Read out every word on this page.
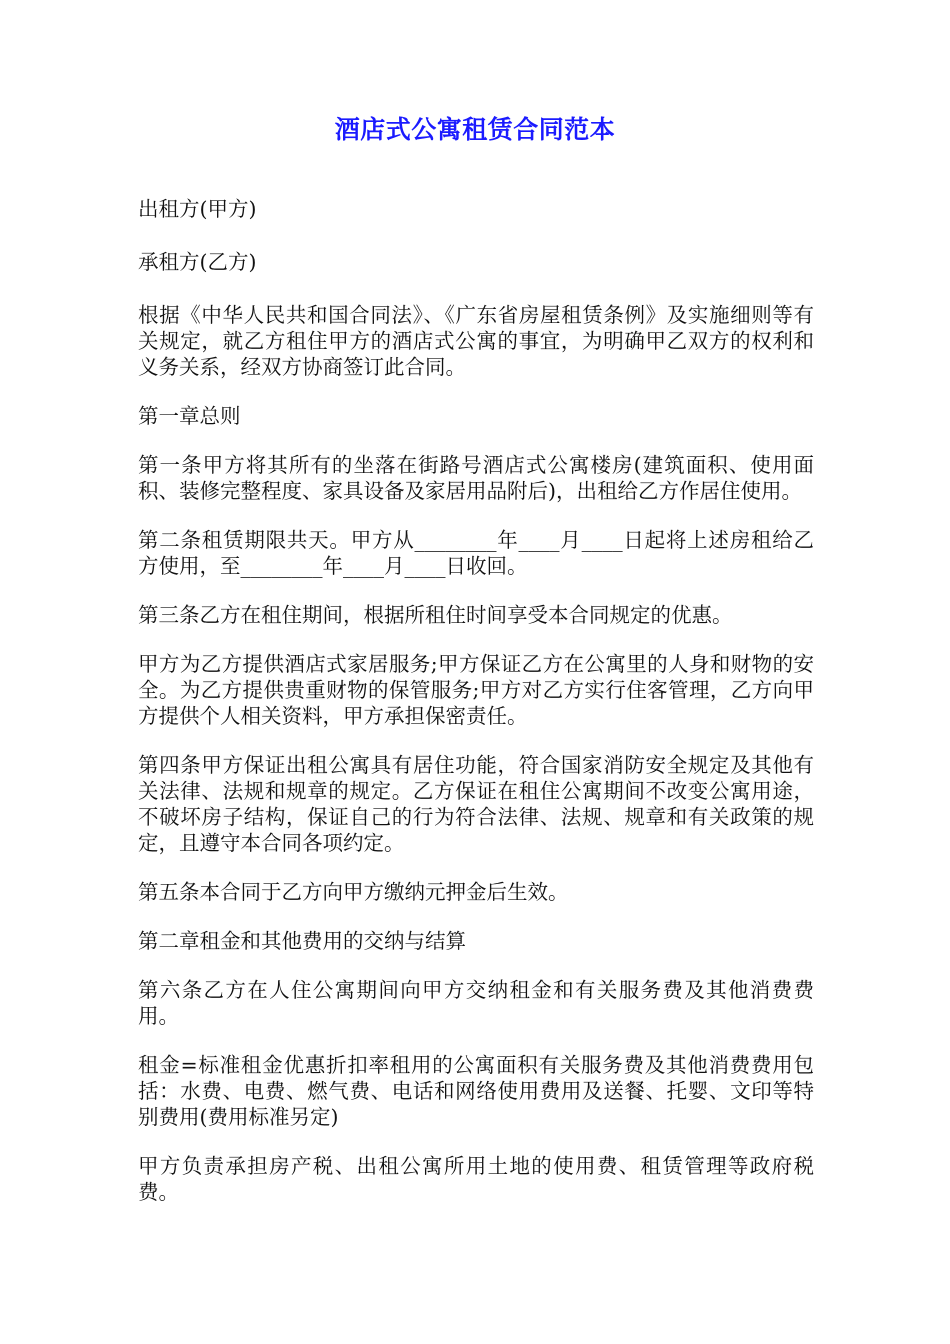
酒店式公寓租赁合同范本

出租方(甲方)

承租方(乙方)

根据《中华人民共和国合同法》、《广东省房屋租赁条例》及实施细则等有关规定，就乙方租住甲方的酒店式公寓的事宜，为明确甲乙双方的权利和义务关系，经双方协商签订此合同。

第一章总则

第一条甲方将其所有的坐落在街路号酒店式公寓楼房(建筑面积、使用面积、装修完整程度、家具设备及家居用品附后)，出租给乙方作居住使用。

第二条租赁期限共天。甲方从________年____月____日起将上述房租给乙方使用，至________年____月____日收回。

第三条乙方在租住期间，根据所租住时间享受本合同规定的优惠。

甲方为乙方提供酒店式家居服务;甲方保证乙方在公寓里的人身和财物的安全。为乙方提供贵重财物的保管服务;甲方对乙方实行住客管理，乙方向甲方提供个人相关资料，甲方承担保密责任。

第四条甲方保证出租公寓具有居住功能，符合国家消防安全规定及其他有关法律、法规和规章的规定。乙方保证在租住公寓期间不改变公寓用途，不破坏房子结构，保证自己的行为符合法律、法规、规章和有关政策的规定，且遵守本合同各项约定。

第五条本合同于乙方向甲方缴纳元押金后生效。

第二章租金和其他费用的交纳与结算

第六条乙方在人住公寓期间向甲方交纳租金和有关服务费及其他消费费用。

租金=标准租金优惠折扣率租用的公寓面积有关服务费及其他消费费用包括：水费、电费、燃气费、电话和网络使用费用及送餐、托婴、文印等特别费用(费用标准另定)

甲方负责承担房产税、出租公寓所用土地的使用费、租赁管理等政府税费。
